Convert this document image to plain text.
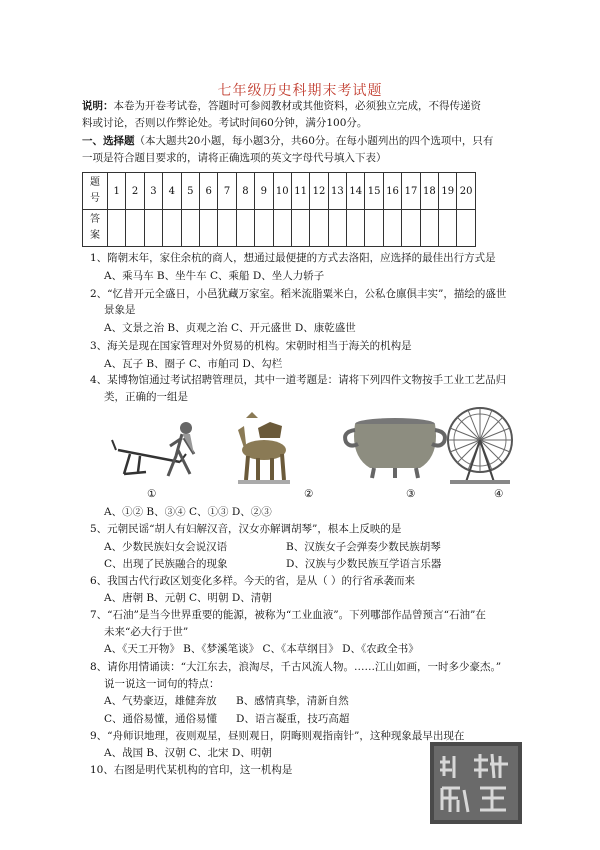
七年级历史科期末考试题
说明：本卷为开卷考试卷，答题时可参阅教材或其他资料，必须独立完成，不得传递资
料或讨论，否则以作弊论处。考试时间60分钟，满分100分。
一、选择题（本大题共20小题，每小题3分，共60分。在每小题列出的四个选项中，只有
一项是符合题目要求的，请将正确选项的英文字母代号填入下表）
题
号	1	2	3	4	5	6	7	8	9	10	11	12	13	14	15	16	17	18	19	20

答
案																				

1、隋朝末年，家住余杭的商人，想通过最便捷的方式去洛阳，应选择的最佳出行方式是
A、乘马车 B、坐牛车 C、乘船 D、坐人力轿子
2、“忆昔开元全盛日，小邑犹藏万家室。稻米流脂粟米白，公私仓廪俱丰实”，描绘的盛世
景象是
A、文景之治 B、贞观之治 C、开元盛世 D、康乾盛世
3、海关是现在国家管理对外贸易的机构。宋朝时相当于海关的机构是
A、瓦子 B、圈子 C、市舶司 D、勾栏
4、某博物馆通过考试招聘管理员，其中一道考题是：请将下列四件文物按手工业工艺品归
类，正确的一组是
①	②	③	④
A、①② B、③④ C、①③ D、②③
5、元朝民谣“胡人有妇解汉音，汉女亦解调胡琴”，根本上反映的是
A、少数民族妇女会说汉语	B、汉族女子会弹奏少数民族胡琴
C、出现了民族融合的现象	D、汉族与少数民族互学语言乐器
6、我国古代行政区划变化多样。今天的省，是从（ ）的行省承袭而来
A、唐朝 B、元朝 C、明朝 D、清朝
7、“石油”是当今世界重要的能源，被称为“工业血液”。下列哪部作品曾预言“石油”在
未来“必大行于世”
A、《天工开物》 B、《梦溪笔谈》 C、《本草纲目》 D、《农政全书》
8、请你用情诵读：“大江东去，浪淘尽，千古风流人物。……江山如画，一时多少豪杰。”
说一说这一词句的特点：
A、气势豪迈，雄健奔放 B、感情真挚，清新自然
C、通俗易懂，通俗易懂 D、语言凝重，技巧高超
9、“舟师识地理，夜则观星，昼则观日，阴晦则观指南针”，这种现象最早出现在
A、战国 B、汉朝 C、北宋 D、明朝
10、右图是明代某机构的官印，这一机构是
